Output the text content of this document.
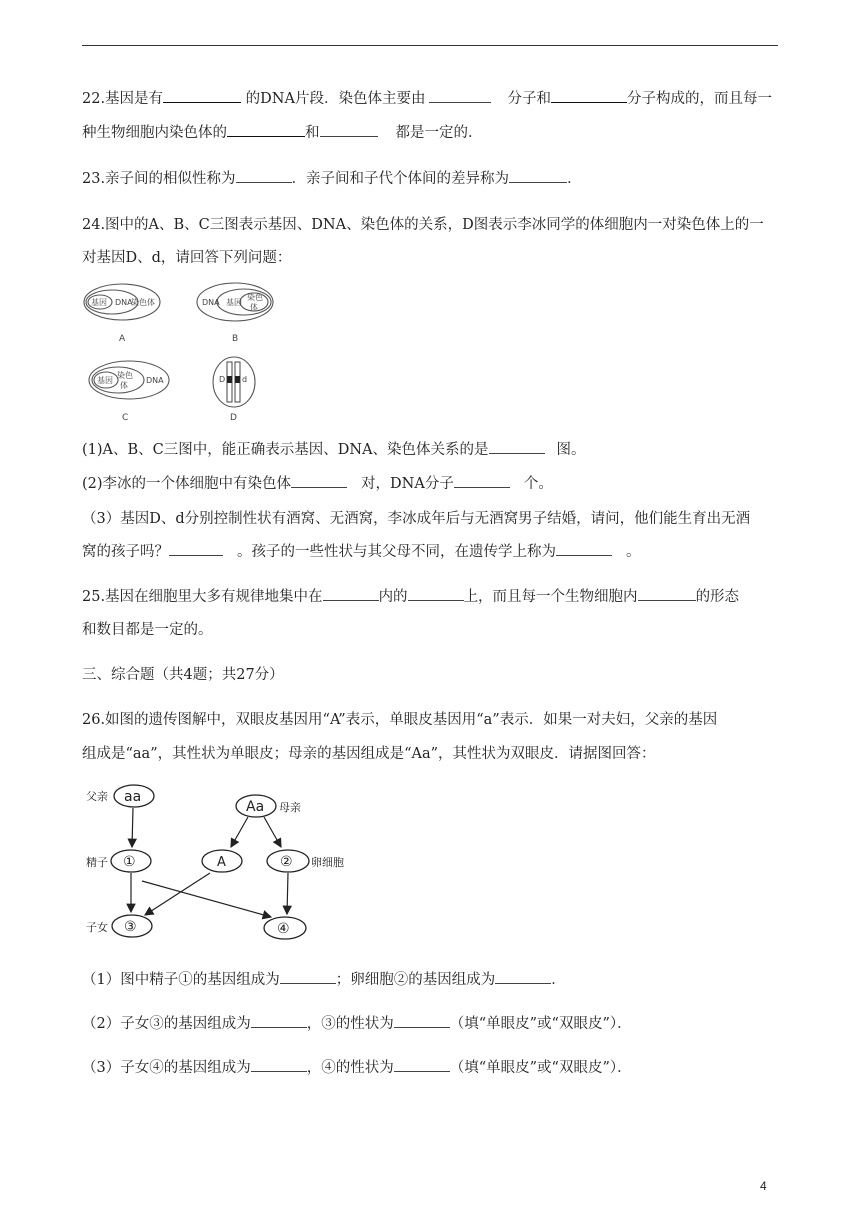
22.基因是有	的DNA片段．染色体主要由	分子和	分子构成的，而且每一
种生物细胞内染色体的	和	都是一定的．
23.亲子间的相似性称为	．亲子间和子代个体间的差异称为	．
24.图中的A、B、C三图表示基因、DNA、染色体的关系，D图表示李冰同学的体细胞内一对染色体上的一
对基因D、d，请回答下列问题：
基因 DNA
染色体
A
DNA 基因
染色
体
B
基因
染色
体
DNA
C
D d
D
(1)A、B、C三图中，能正确表示基因、DNA、染色体关系的是	图。
(2)李冰的一个体细胞中有染色体	对，DNA分子	个。
（3）基因D、d分别控制性状有酒窝、无酒窝，李冰成年后与无酒窝男子结婚，请问，他们能生育出无酒
窝的孩子吗？	。孩子的一些性状与其父母不同，在遗传学上称为	。
25.基因在细胞里大多有规律地集中在	内的	上，而且每一个生物细胞内	的形态
和数目都是一定的。
三、综合题（共4题；共27分）
26.如图的遗传图解中，双眼皮基因用“A”表示，单眼皮基因用“a”表示．如果一对夫妇，父亲的基因
组成是“aa”，其性状为单眼皮；母亲的基因组成是“Aa”，其性状为双眼皮．请据图回答：
父亲 aa
Aa 母亲
精子 ①	A	② 卵细胞
子女 ③	④
（1）图中精子①的基因组成为	；卵细胞②的基因组成为	．
（2）子女③的基因组成为	，③的性状为	（填“单眼皮”或“双眼皮”）．
（3）子女④的基因组成为	，④的性状为	（填“单眼皮”或“双眼皮”）．
4
